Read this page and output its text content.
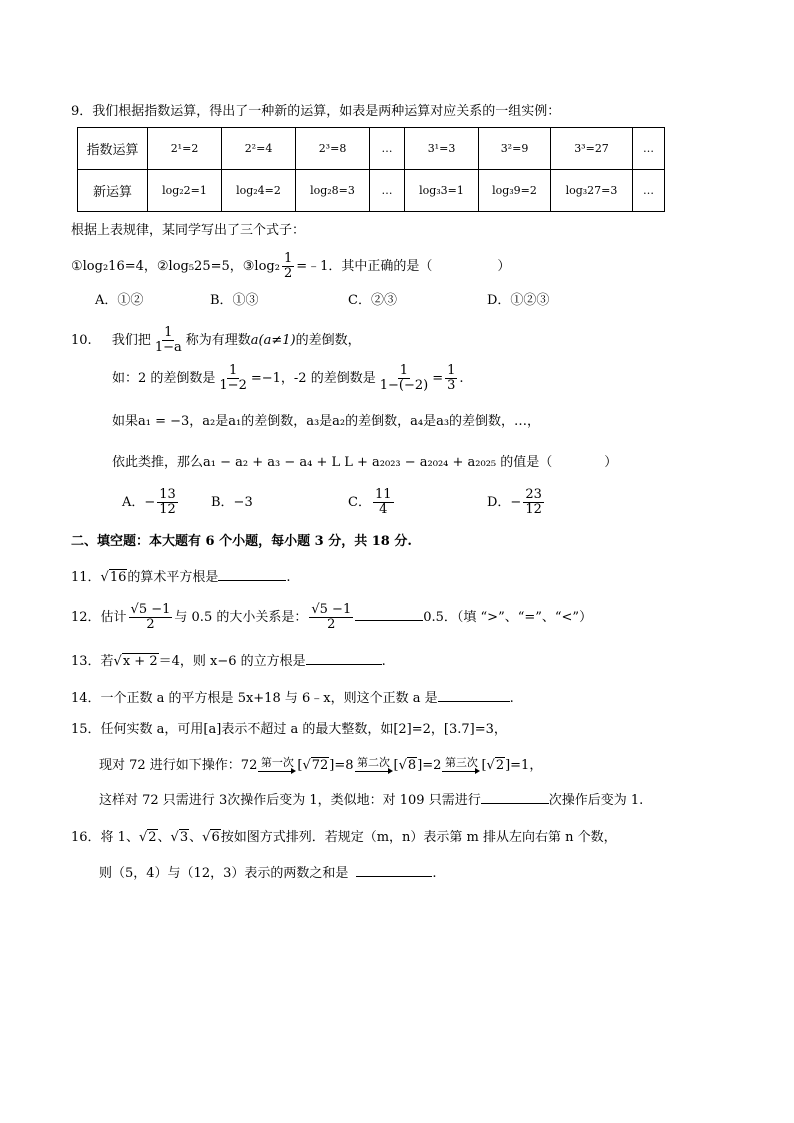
9．我们根据指数运算，得出了一种新的运算，如表是两种运算对应关系的一组实例：
指数运算	2¹=2	2²=4	2³=8	…	3¹=3	3²=9	3³=27	…
新运算	log₂2=1	log₂4=2	log₂8=3	…	log₃3=1	log₃9=2	log₃27=3	…
根据上表规律，某同学写出了三个式子：
①log₂16=4，②log₅25=5，③log₂ $\frac{1}{2}$ =﹣1．其中正确的是（　　　　　）
A．①②	B．①③	C．②③	D．①②③
10. 我们把 $\frac{1}{1-a}$ 称为有理数a(a≠1)的差倒数，
如：2 的差倒数是 $\frac{1}{1-2} =-1$，-2 的差倒数是 $\frac{1}{1-(-2)} = \frac{1}{3}$ .
如果a₁ = −3，a₂是a₁的差倒数，a₃是a₂的差倒数，a₄是a₃的差倒数，…，
依此类推，那么a₁ − a₂ + a₃ − a₄ + L L + a₂₀₂₃ − a₂₀₂₄ + a₂₀₂₅ 的值是（　　　　）
A．− $\frac{13}{12}$	B．−3	C． $\frac{11}{4}$	D．− $\frac{23}{12}$
二、填空题：本大题有 6 个小题，每小题 3 分，共 18 分.
11．√16的算术平方根是	.
12．估计 $\frac{√5 -1}{2}$ 与 0.5 的大小关系是： $\frac{√5 -1}{2}$	0.5．（填 “>”、“=”、“<”）
13．若√x + 2＝4，则 x−6 的立方根是	.
14．一个正数 a 的平方根是 5x+18 与 6﹣x，则这个正数 a 是	.
15．任何实数 a，可用[a]表示不超过 a 的最大整数，如[2]=2，[3.7]=3，
现对 72 进行如下操作：72 第一次 [√72]=8 第二次 [√8]=2 第三次 [√2]=1，
这样对 72 只需进行 3次操作后变为 1，类似地：对 109 只需进行	次操作后变为 1.
16．将 1、√2、√3、√6按如图方式排列．若规定（m，n）表示第 m 排从左向右第 n 个数，
则（5，4）与（12，3）表示的两数之和是	.
